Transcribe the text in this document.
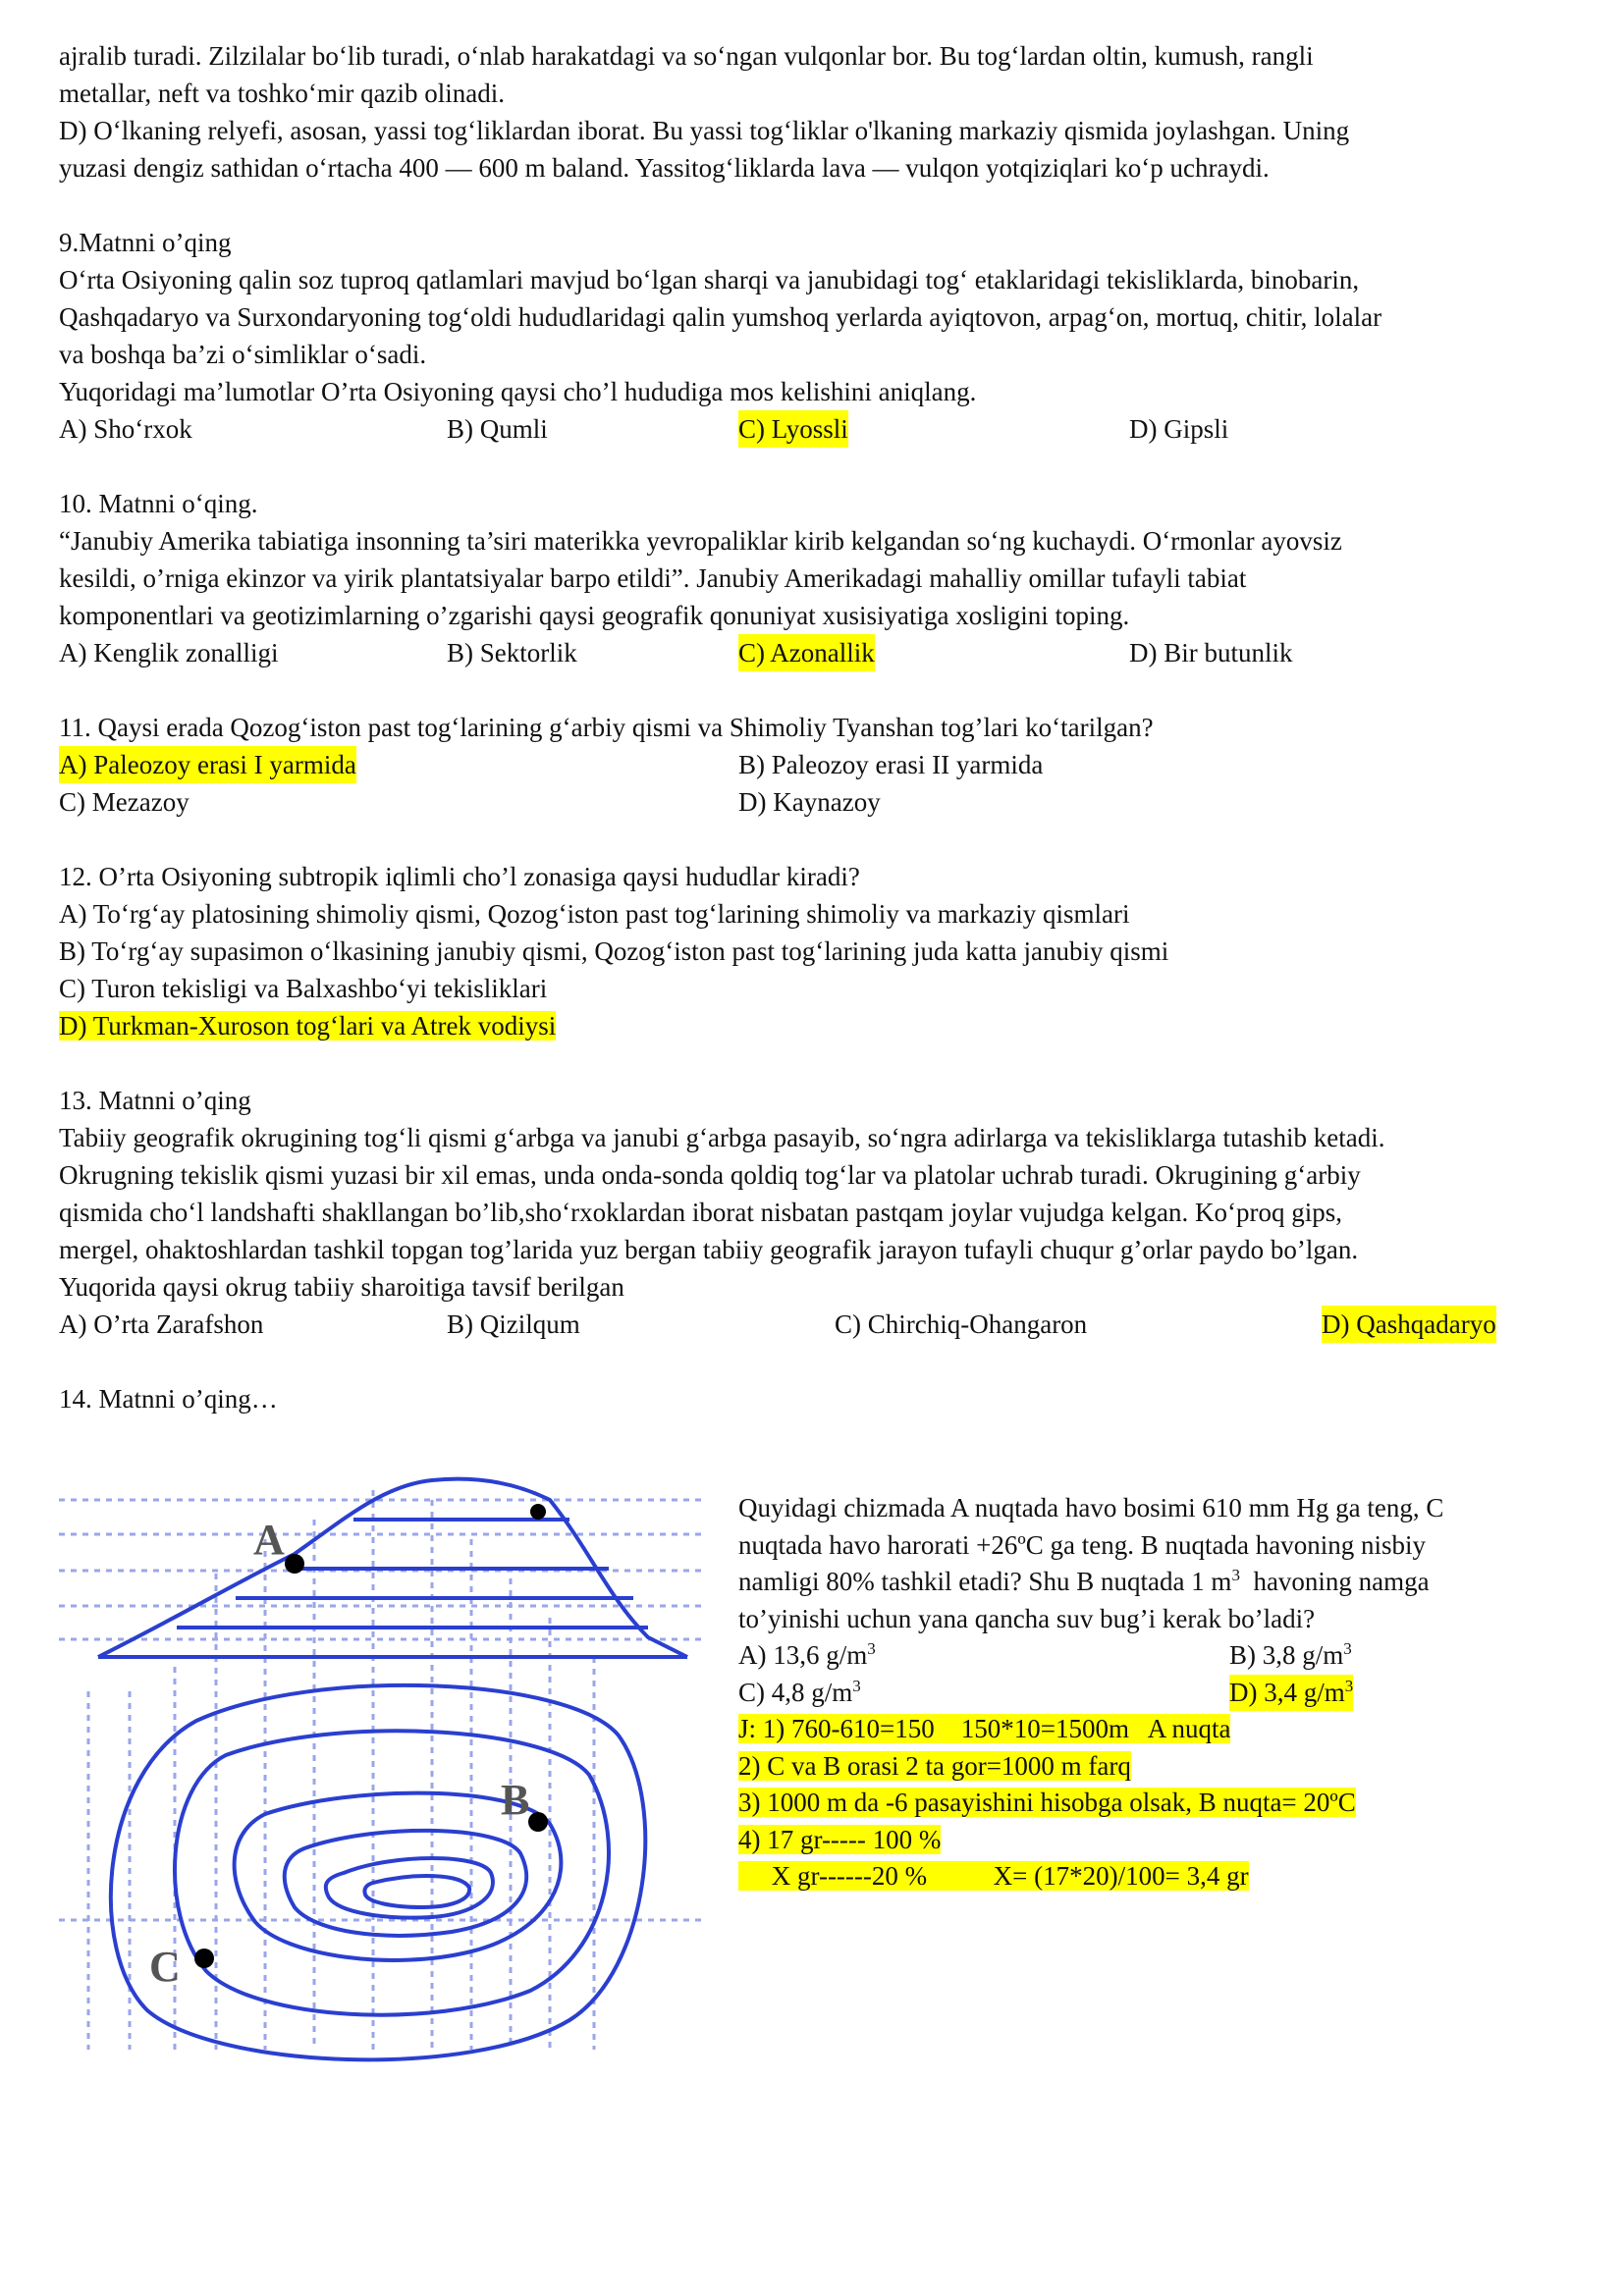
ajralib turadi. Zilzilalar bo‘lib turadi, o‘nlab harakatdagi va so‘ngan vulqonlar bor. Bu tog‘lardan oltin, kumush, rangli
metallar, neft va toshko‘mir qazib olinadi.
D) O‘lkaning relyefi, asosan, yassi tog‘liklardan iborat. Bu yassi tog‘liklar o'lkaning markaziy qismida joylashgan. Uning
yuzasi dengiz sathidan o‘rtacha 400 — 600 m baland. Yassitog‘liklarda lava — vulqon yotqiziqlari ko‘p uchraydi.
9.Matnni o’qing
O‘rta Osiyoning qalin soz tuproq qatlamlari mavjud bo‘lgan sharqi va janubidagi tog‘ etaklaridagi tekisliklarda, binobarin,
Qashqadaryo va Surxondaryoning tog‘oldi hududlaridagi qalin yumshoq yerlarda ayiqtovon, arpag‘on, mortuq, chitir, lolalar
va boshqa ba’zi o‘simliklar o‘sadi.
Yuqoridagi ma’lumotlar O’rta Osiyoning qaysi cho’l hududiga mos kelishini aniqlang.
A) Sho‘rxok	B) Qumli	C) Lyossli	D) Gipsli
10. Matnni o‘qing.
“Janubiy Amerika tabiatiga insonning ta’siri materikka yevropaliklar kirib kelgandan so‘ng kuchaydi. O‘rmonlar ayovsiz
kesildi, o’rniga ekinzor va yirik plantatsiyalar barpo etildi”. Janubiy Amerikadagi mahalliy omillar tufayli tabiat
komponentlari va geotizimlarning o’zgarishi qaysi geografik qonuniyat xusisiyatiga xosligini toping.
A) Kenglik zonalligi	B) Sektorlik	C) Azonallik	D) Bir butunlik
11. Qaysi erada Qozog‘iston past tog‘larining g‘arbiy qismi va Shimoliy Tyanshan tog’lari ko‘tarilgan?
A) Paleozoy erasi I yarmida	B) Paleozoy erasi II yarmida
C) Mezazoy	D) Kaynazoy
12. O’rta Osiyoning subtropik iqlimli cho’l zonasiga qaysi hududlar kiradi?
A) To‘rg‘ay platosining shimoliy qismi, Qozog‘iston past tog‘larining shimoliy va markaziy qismlari
B) To‘rg‘ay supasimon o‘lkasining janubiy qismi, Qozog‘iston past tog‘larining juda katta janubiy qismi
C) Turon tekisligi va Balxashbo‘yi tekisliklari
D) Turkman-Xuroson tog‘lari va Atrek vodiysi
13. Matnni o’qing
Tabiiy geografik okrugining tog‘li qismi g‘arbga va janubi g‘arbga pasayib, so‘ngra adirlarga va tekisliklarga tutashib ketadi.
Okrugning tekislik qismi yuzasi bir xil emas, unda onda-sonda qoldiq tog‘lar va platolar uchrab turadi. Okrugining g‘arbiy
qismida cho‘l landshafti shakllangan bo’lib,sho‘rxoklardan iborat nisbatan pastqam joylar vujudga kelgan. Ko‘proq gips,
mergel, ohaktoshlardan tashkil topgan tog’larida yuz bergan tabiiy geografik jarayon tufayli chuqur g’orlar paydo bo’lgan.
Yuqorida qaysi okrug tabiiy sharoitiga tavsif berilgan
A) O’rta Zarafshon	B) Qizilqum	C) Chirchiq-Ohangaron	D) Qashqadaryo
14. Matnni o’qing…
A
B
C
Quyidagi chizmada A nuqtada havo bosimi 610 mm Hg ga teng, C
nuqtada havo harorati +26ºC ga teng. B nuqtada havoning nisbiy
namligi 80% tashkil etadi? Shu B nuqtada 1 $m^3$ havoning namga
to’yinishi uchun yana qancha suv bug’i kerak bo’ladi?
A) 13,6 $g/m^3$	B) 3,8 $g/m^3$
C) 4,8 $g/m^3$	D) 3,4 $g/m^3$
J: 1) 760-610=150    150*10=1500m   A nuqta
2) C va B orasi 2 ta gor=1000 m farq
3) 1000 m da -6 pasayishini hisobga olsak, B nuqta= 20ºC
4) 17 gr----- 100 %
X gr------20 %          X= (17*20)/100= 3,4 gr
